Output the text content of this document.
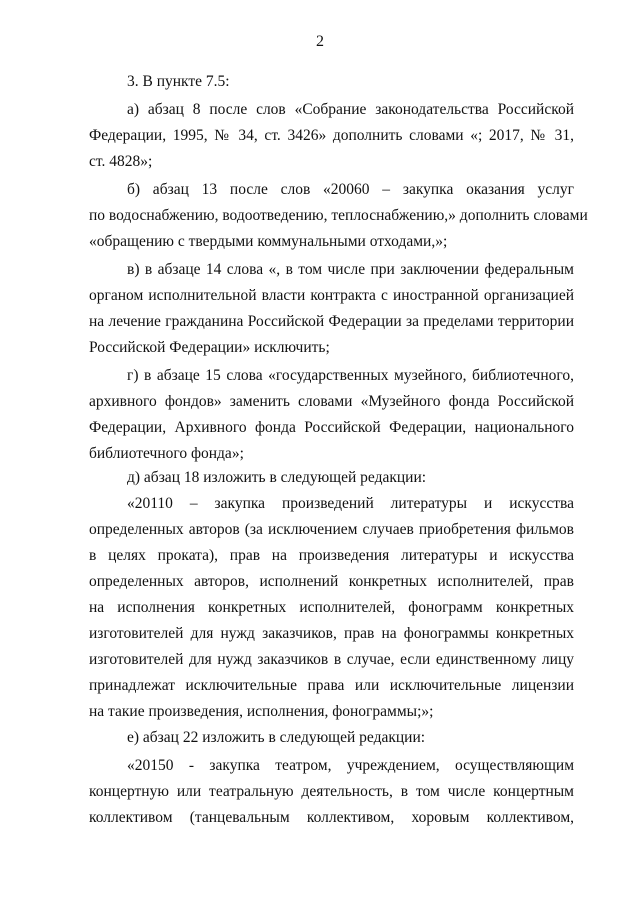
2
3. В пункте 7.5:
а) абзац 8 после слов «Собрание законодательства Российской
Федерации, 1995, № 34, ст. 3426» дополнить словами «; 2017, № 31,
ст. 4828»;
б) абзац 13 после слов «20060 – закупка оказания услуг
по водоснабжению, водоотведению, теплоснабжению,» дополнить словами
«обращению с твердыми коммунальными отходами,»;
в) в абзаце 14 слова «, в том числе при заключении федеральным
органом исполнительной власти контракта с иностранной организацией
на лечение гражданина Российской Федерации за пределами территории
Российской Федерации» исключить;
г) в абзаце 15 слова «государственных музейного, библиотечного,
архивного фондов» заменить словами «Музейного фонда Российской
Федерации, Архивного фонда Российской Федерации, национального
библиотечного фонда»;
д) абзац 18 изложить в следующей редакции:
«20110 – закупка произведений литературы и искусства
определенных авторов (за исключением случаев приобретения фильмов
в целях проката), прав на произведения литературы и искусства
определенных авторов, исполнений конкретных исполнителей, прав
на исполнения конкретных исполнителей, фонограмм конкретных
изготовителей для нужд заказчиков, прав на фонограммы конкретных
изготовителей для нужд заказчиков в случае, если единственному лицу
принадлежат исключительные права или исключительные лицензии
на такие произведения, исполнения, фонограммы;»;
е) абзац 22 изложить в следующей редакции:
«20150 - закупка театром, учреждением, осуществляющим
концертную или театральную деятельность, в том числе концертным
коллективом (танцевальным коллективом, хоровым коллективом,
